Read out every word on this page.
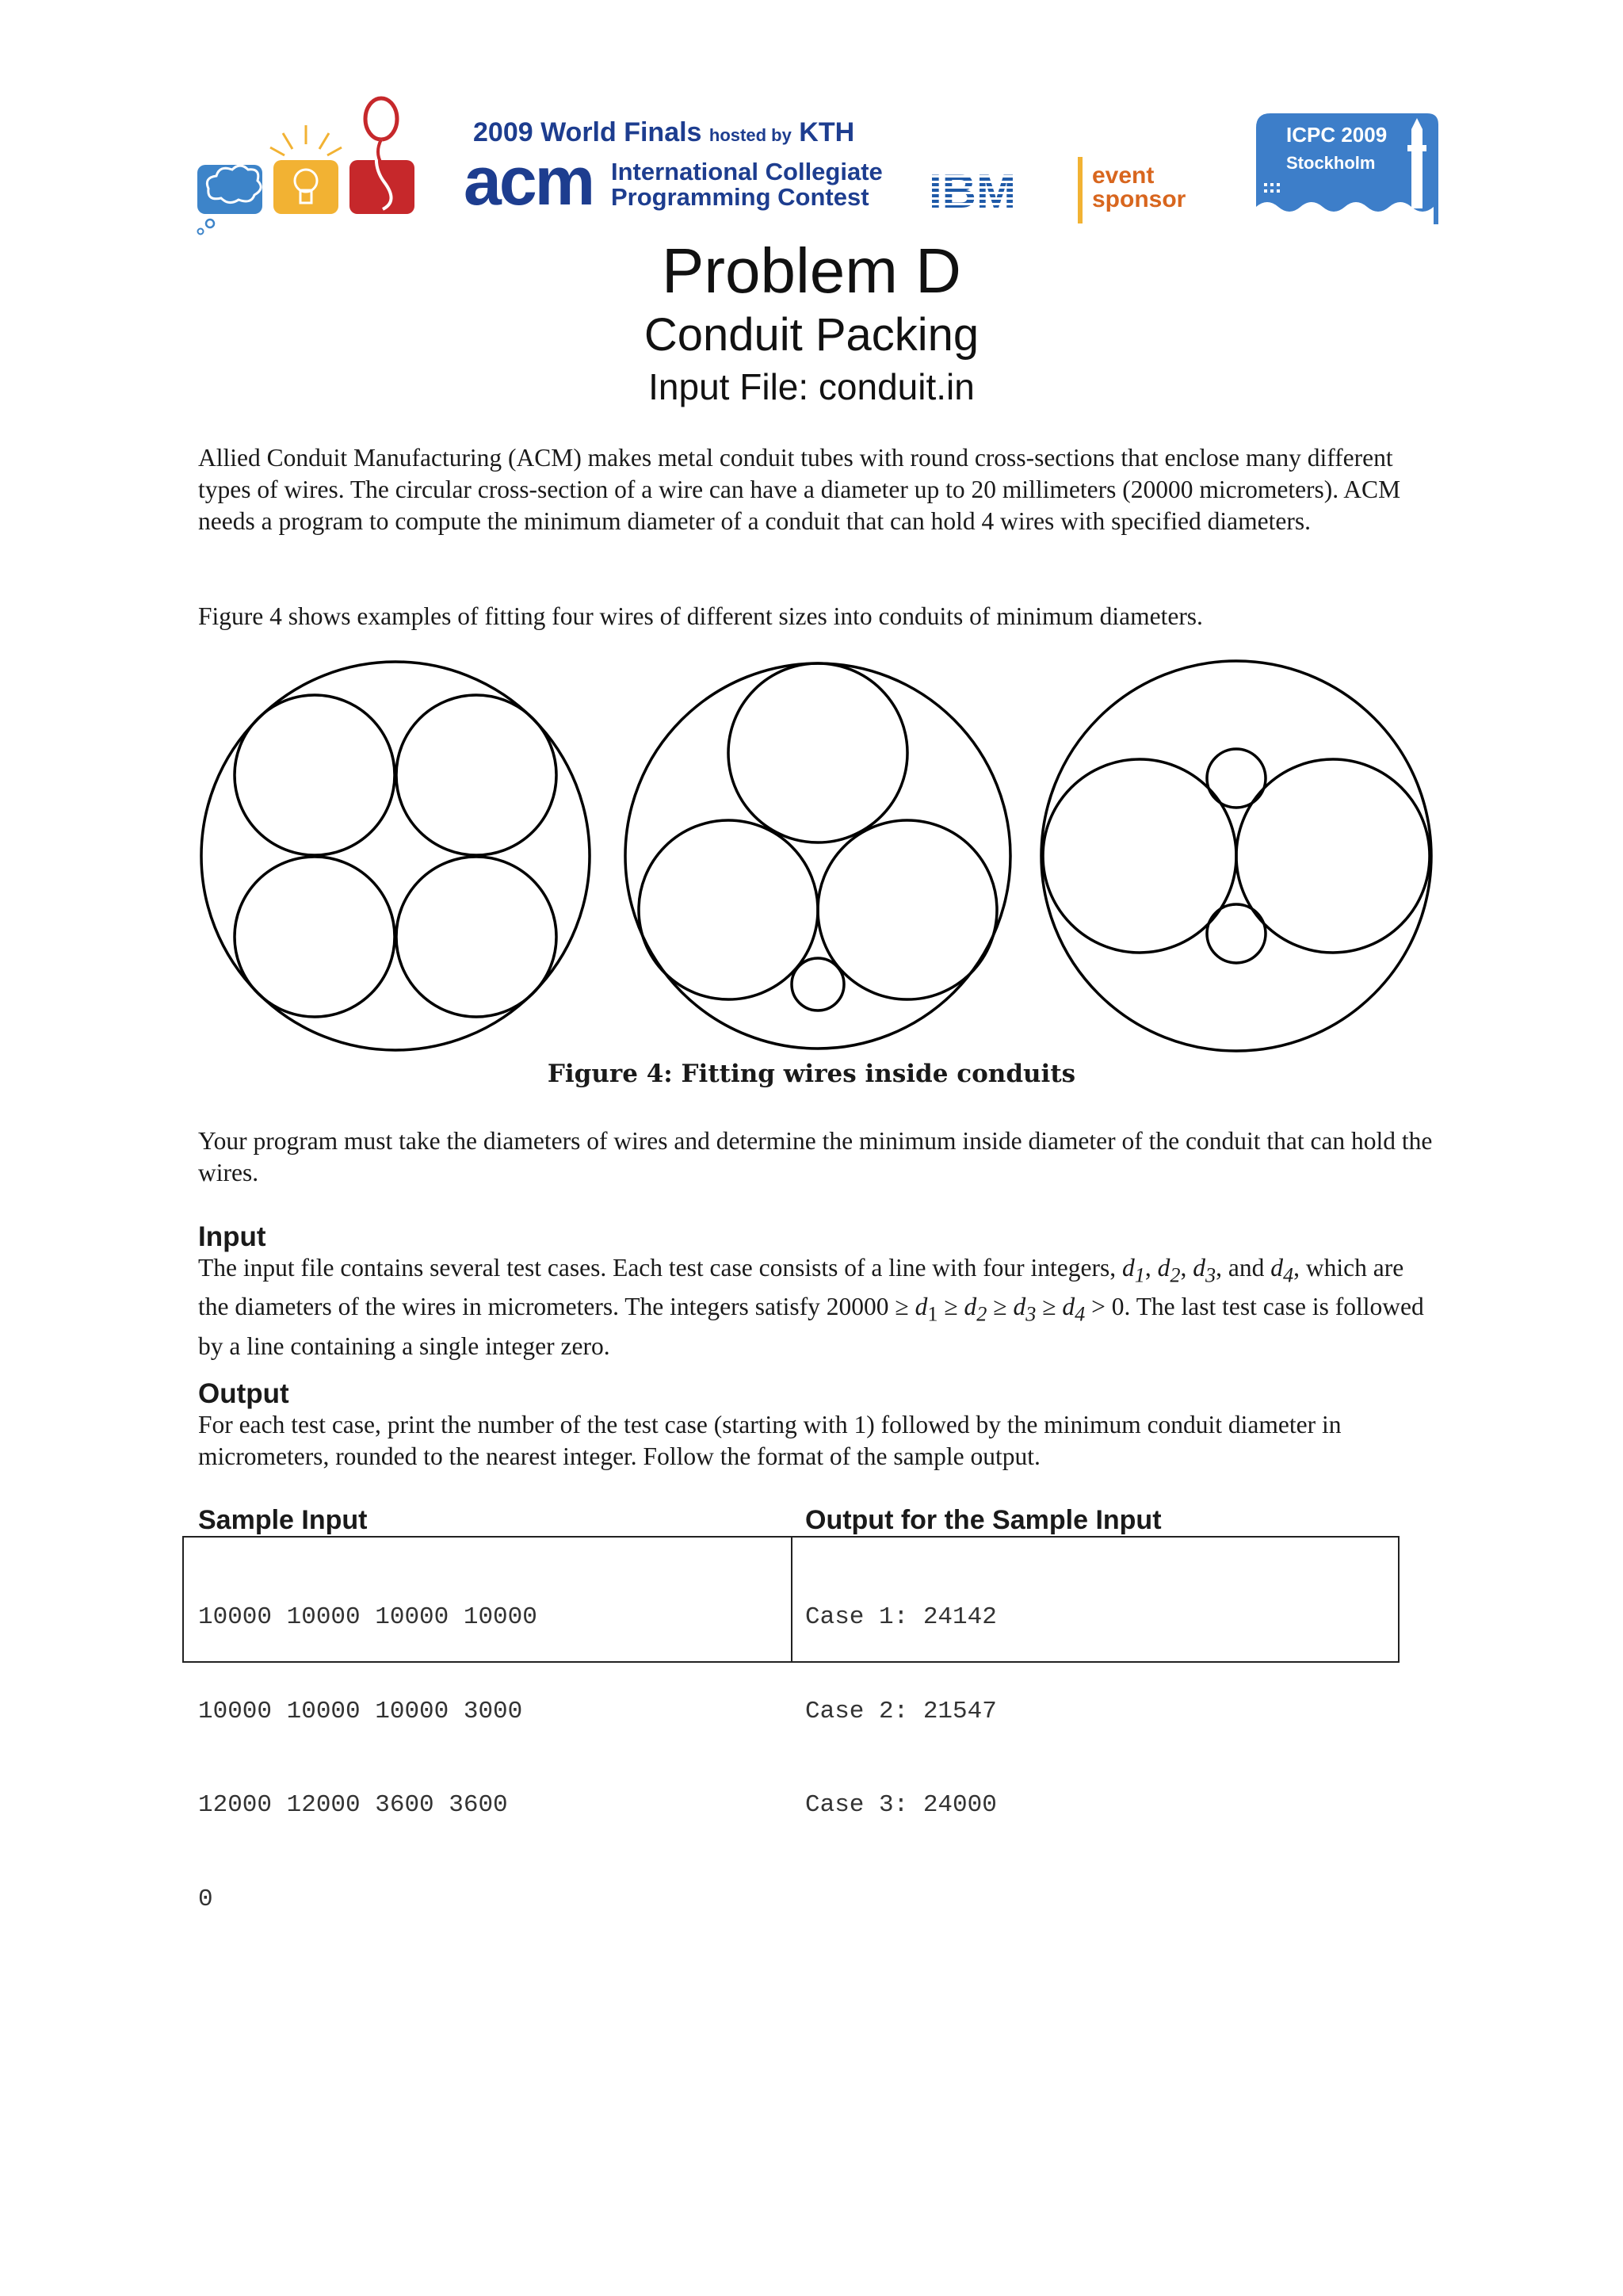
2009 World Finals hosted by KTH
acm International Collegiate
Programming Contest IBM	event
sponsor
ICPC 2009
Stockholm
Problem D
Conduit Packing
Input File: conduit.in

Allied Conduit Manufacturing (ACM) makes metal conduit tubes with round cross-sections that enclose many different types of wires. The circular cross-section of a wire can have a diameter up to 20 millimeters (20000 micrometers). ACM needs a program to compute the minimum diameter of a conduit that can hold 4 wires with specified diameters.

Figure 4 shows examples of fitting four wires of different sizes into conduits of minimum diameters.

Figure 4: Fitting wires inside conduits

Your program must take the diameters of wires and determine the minimum inside diameter of the conduit that can hold the wires.

Input

The input file contains several test cases. Each test case consists of a line with four integers, $d_1$, $d_2$, $d_3$, and $d_4$, which are the diameters of the wires in micrometers. The integers satisfy $20000 \ge d_1 \ge d_2 \ge d_3 \ge d_4 > 0$. The last test case is followed by a line containing a single integer zero.

Output

For each test case, print the number of the test case (starting with 1) followed by the minimum conduit diameter in micrometers, rounded to the nearest integer. Follow the format of the sample output.

Sample Input	Output for the Sample Input

10000 10000 10000 10000

10000 10000 10000 3000

12000 12000 3600 3600

0

Case 1: 24142

Case 2: 21547

Case 3: 24000
